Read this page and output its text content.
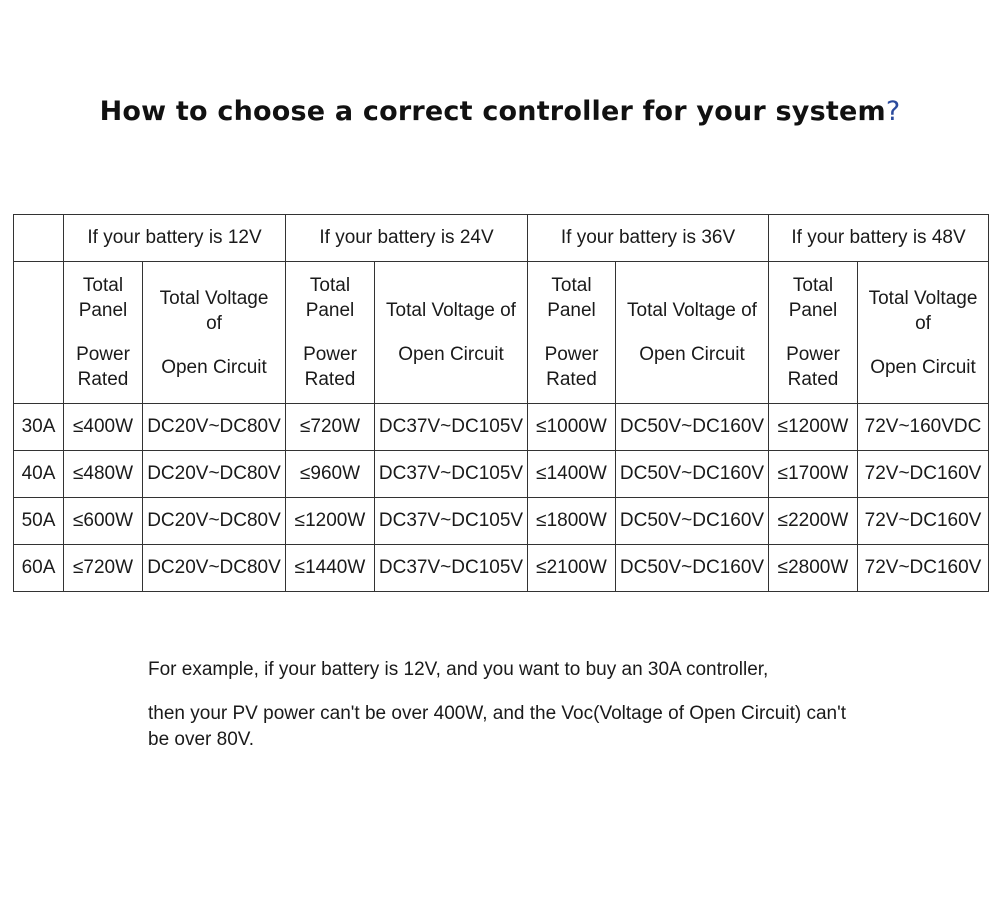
How to choose a correct controller for your system?
	If your battery is 12V		If your battery is 24V		If your battery is 36V		If your battery is 48V	

	Total
Panel
Power
Rated	Total Voltage
of
Open Circuit	Total
Panel
Power
Rated	Total Voltage of
Open Circuit	Total
Panel
Power
Rated	Total Voltage of
Open Circuit	Total
Panel
Power
Rated	Total Voltage
of
Open Circuit

30A	≤400W	DC20V~DC80V	≤720W	DC37V~DC105V	≤1000W	DC50V~DC160V	≤1200W	72V~160VDC
40A	≤480W	DC20V~DC80V	≤960W	DC37V~DC105V	≤1400W	DC50V~DC160V	≤1700W	72V~DC160V
50A	≤600W	DC20V~DC80V	≤1200W	DC37V~DC105V	≤1800W	DC50V~DC160V	≤2200W	72V~DC160V
60A	≤720W	DC20V~DC80V	≤1440W	DC37V~DC105V	≤2100W	DC50V~DC160V	≤2800W	72V~DC160V
For example, if your battery is 12V, and you want to buy an 30A controller,
then your PV power can't be over 400W, and the Voc(Voltage of Open Circuit) can't be over 80V.
